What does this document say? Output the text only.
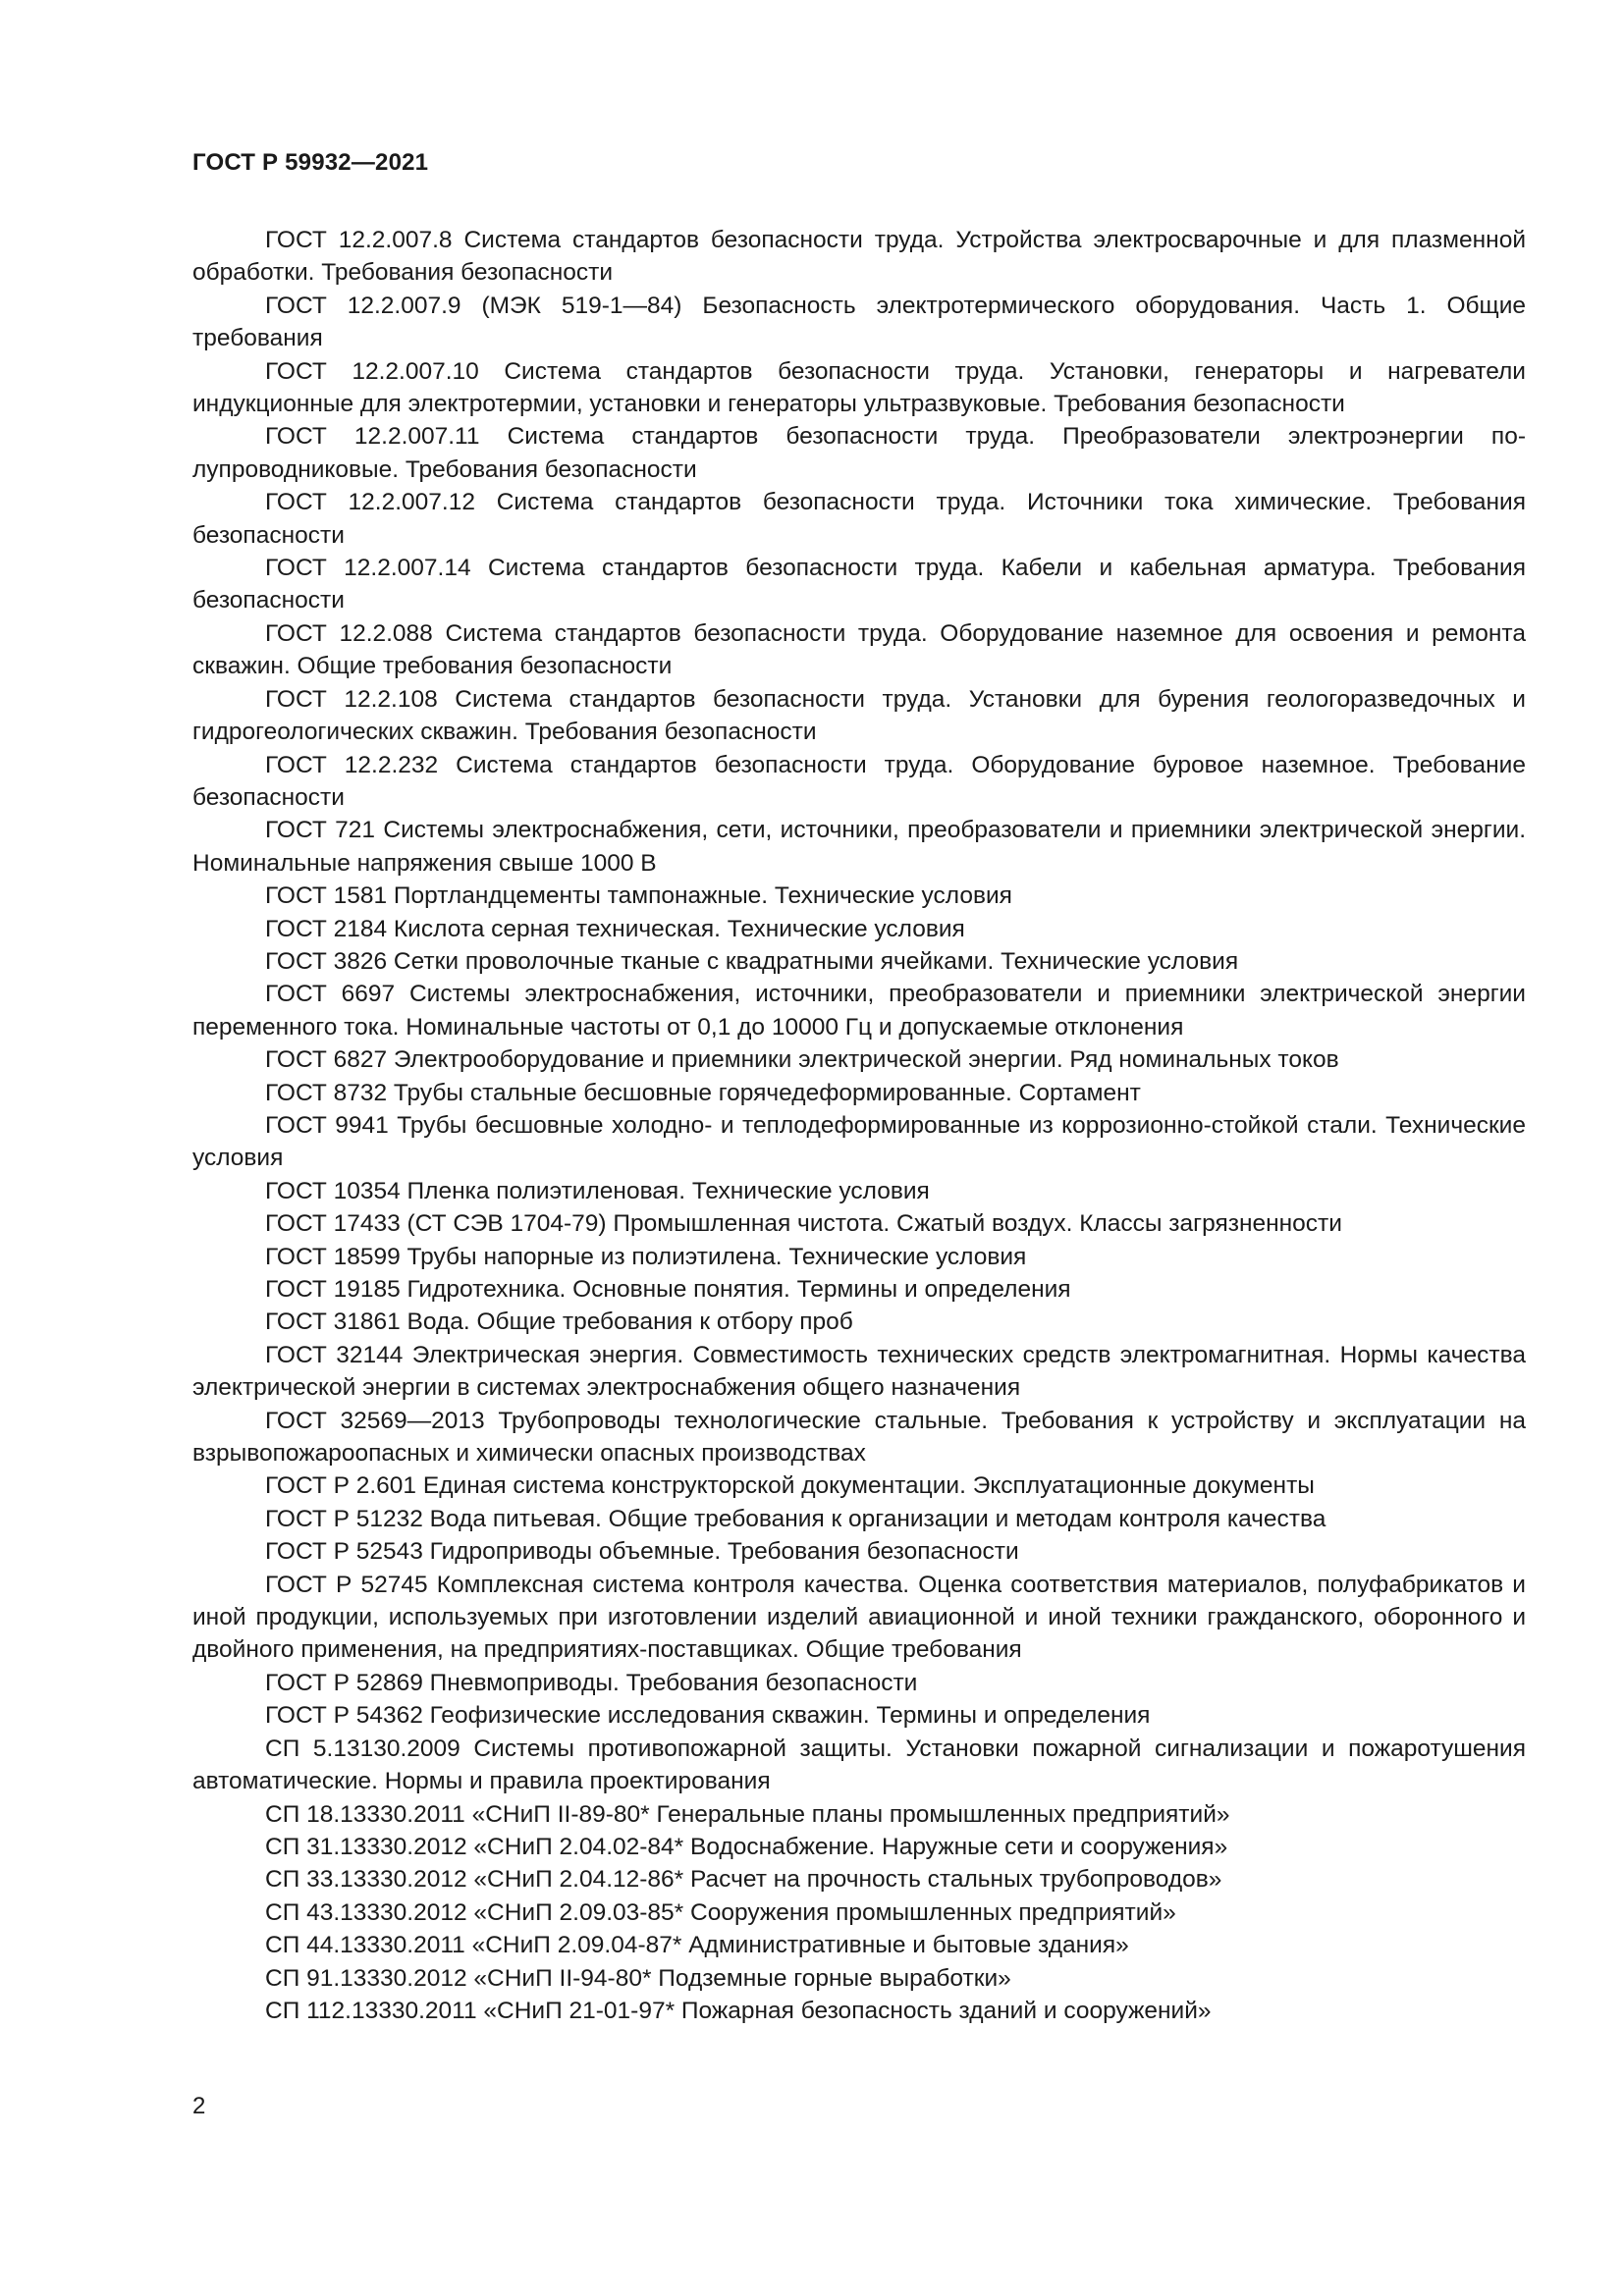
ГОСТ Р 59932—2021

ГОСТ 12.2.007.8 Система стандартов безопасности труда. Устройства электросварочные и для плазменной обработки. Требования безопасности

ГОСТ 12.2.007.9 (МЭК 519-1—84) Безопасность электротермического оборудования. Часть 1. Общие требования

ГОСТ 12.2.007.10 Система стандартов безопасности труда. Установки, генераторы и нагреватели индукционные для электротермии, установки и генераторы ультразвуковые. Требования безопасности

ГОСТ 12.2.007.11 Система стандартов безопасности труда. Преобразователи электроэнергии полупроводниковые. Требования безопасности

ГОСТ 12.2.007.12 Система стандартов безопасности труда. Источники тока химические. Требования безопасности

ГОСТ 12.2.007.14 Система стандартов безопасности труда. Кабели и кабельная арматура. Требования безопасности

ГОСТ 12.2.088 Система стандартов безопасности труда. Оборудование наземное для освоения и ремонта скважин. Общие требования безопасности

ГОСТ 12.2.108 Система стандартов безопасности труда. Установки для бурения геологоразведочных и гидрогеологических скважин. Требования безопасности

ГОСТ 12.2.232 Система стандартов безопасности труда. Оборудование буровое наземное. Требование безопасности

ГОСТ 721 Системы электроснабжения, сети, источники, преобразователи и приемники электрической энергии. Номинальные напряжения свыше 1000 В

ГОСТ 1581 Портландцементы тампонажные. Технические условия

ГОСТ 2184 Кислота серная техническая. Технические условия

ГОСТ 3826 Сетки проволочные тканые с квадратными ячейками. Технические условия

ГОСТ 6697 Системы электроснабжения, источники, преобразователи и приемники электрической энергии переменного тока. Номинальные частоты от 0,1 до 10000 Гц и допускаемые отклонения

ГОСТ 6827 Электрооборудование и приемники электрической энергии. Ряд номинальных токов

ГОСТ 8732 Трубы стальные бесшовные горячедеформированные. Сортамент

ГОСТ 9941 Трубы бесшовные холодно- и теплодеформированные из коррозионно-стойкой стали. Технические условия

ГОСТ 10354 Пленка полиэтиленовая. Технические условия

ГОСТ 17433 (СТ СЭВ 1704-79) Промышленная чистота. Сжатый воздух. Классы загрязненности

ГОСТ 18599 Трубы напорные из полиэтилена. Технические условия

ГОСТ 19185 Гидротехника. Основные понятия. Термины и определения

ГОСТ 31861 Вода. Общие требования к отбору проб

ГОСТ 32144 Электрическая энергия. Совместимость технических средств электромагнитная. Нормы качества электрической энергии в системах электроснабжения общего назначения

ГОСТ 32569—2013 Трубопроводы технологические стальные. Требования к устройству и эксплуатации на взрывопожароопасных и химически опасных производствах

ГОСТ Р 2.601 Единая система конструкторской документации. Эксплуатационные документы

ГОСТ Р 51232 Вода питьевая. Общие требования к организации и методам контроля качества

ГОСТ Р 52543 Гидроприводы объемные. Требования безопасности

ГОСТ Р 52745 Комплексная система контроля качества. Оценка соответствия материалов, полуфабрикатов и иной продукции, используемых при изготовлении изделий авиационной и иной техники гражданского, оборонного и двойного применения, на предприятиях-поставщиках. Общие требования

ГОСТ Р 52869 Пневмоприводы. Требования безопасности

ГОСТ Р 54362 Геофизические исследования скважин. Термины и определения

СП 5.13130.2009 Системы противопожарной защиты. Установки пожарной сигнализации и пожаротушения автоматические. Нормы и правила проектирования

СП 18.13330.2011 «СНиП II-89-80* Генеральные планы промышленных предприятий»

СП 31.13330.2012 «СНиП 2.04.02-84* Водоснабжение. Наружные сети и сооружения»

СП 33.13330.2012 «СНиП 2.04.12-86* Расчет на прочность стальных трубопроводов»

СП 43.13330.2012 «СНиП 2.09.03-85* Сооружения промышленных предприятий»

СП 44.13330.2011 «СНиП 2.09.04-87* Административные и бытовые здания»

СП 91.13330.2012 «СНиП II-94-80* Подземные горные выработки»

СП 112.13330.2011 «СНиП 21-01-97* Пожарная безопасность зданий и сооружений»

2
